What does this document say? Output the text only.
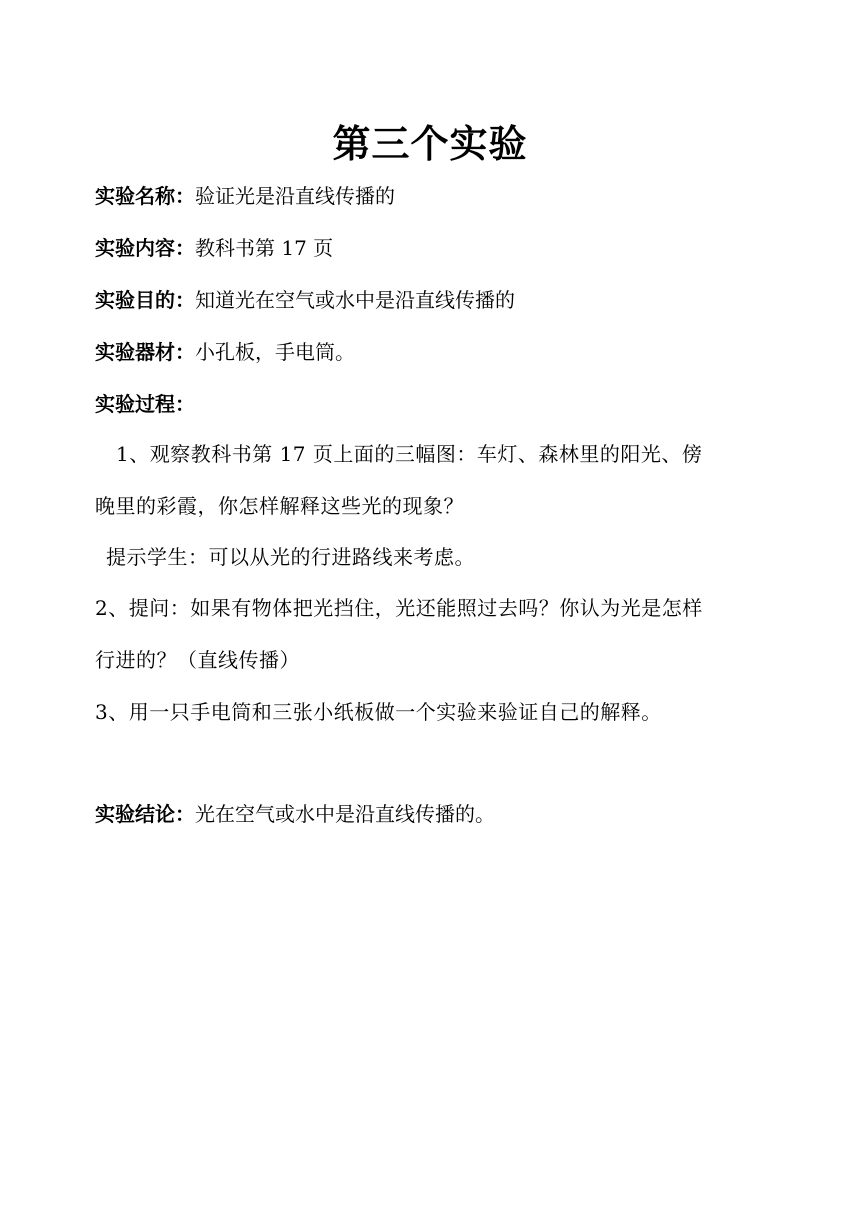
第三个实验
实验名称：验证光是沿直线传播的
实验内容：教科书第 17 页
实验目的：知道光在空气或水中是沿直线传播的
实验器材：小孔板，手电筒。
实验过程：
1、观察教科书第 17 页上面的三幅图：车灯、森林里的阳光、傍
晚里的彩霞，你怎样解释这些光的现象？
提示学生：可以从光的行进路线来考虑。
2、提问：如果有物体把光挡住，光还能照过去吗？你认为光是怎样
行进的？（直线传播）
3、用一只手电筒和三张小纸板做一个实验来验证自己的解释。
实验结论：光在空气或水中是沿直线传播的。
